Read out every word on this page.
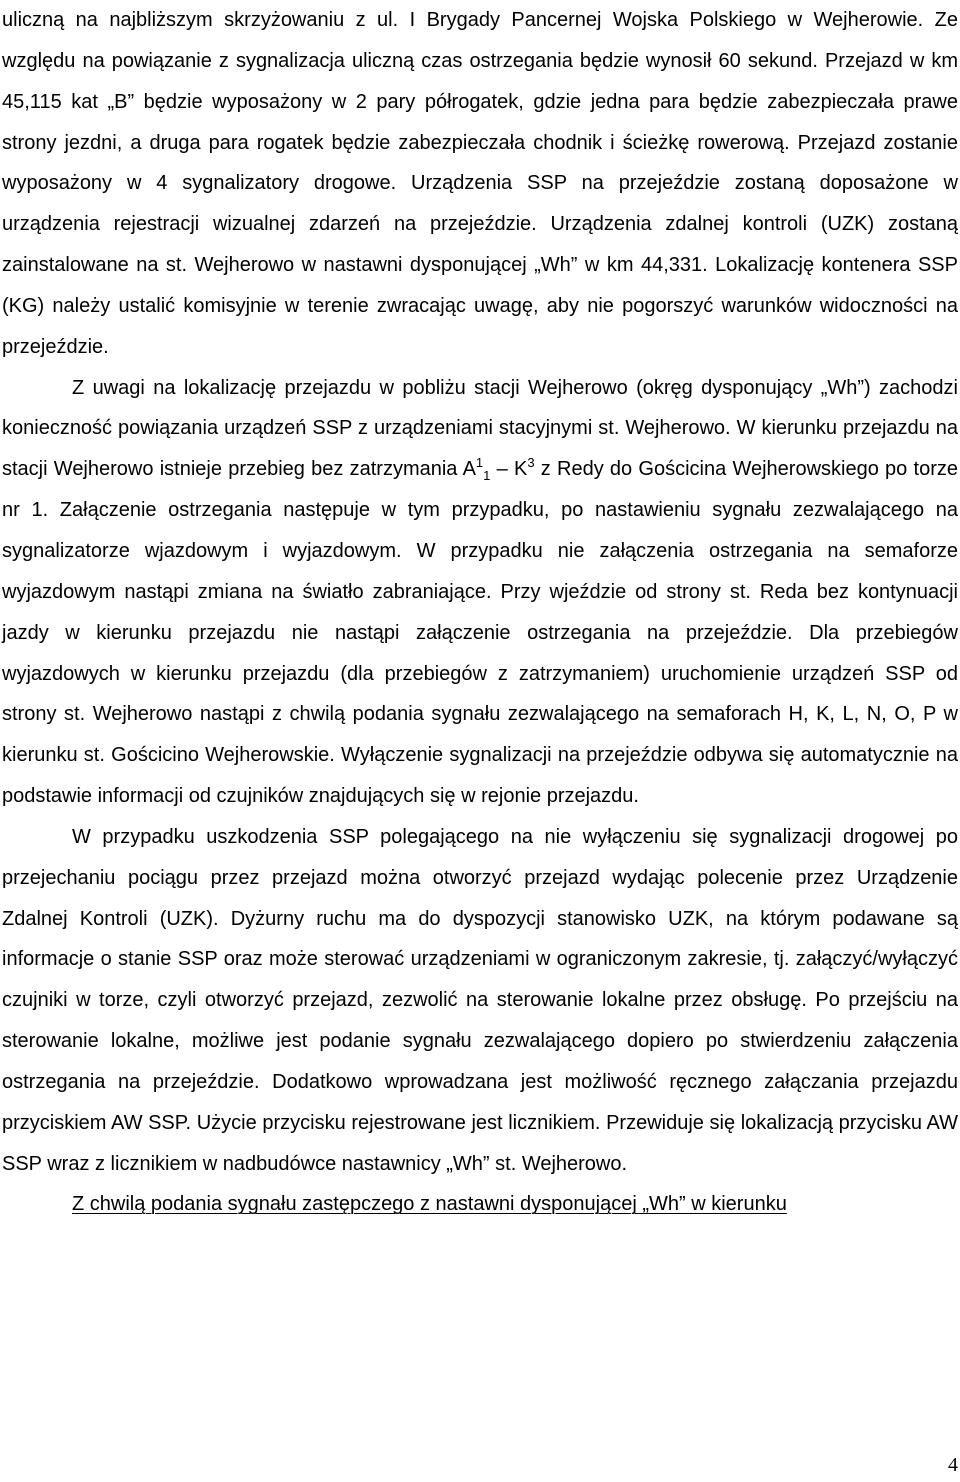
uliczną na najbliższym skrzyżowaniu z ul. I Brygady Pancernej Wojska Polskiego w Wejherowie. Ze względu na powiązanie z sygnalizacja uliczną czas ostrzegania będzie wynosił 60 sekund. Przejazd w km 45,115 kat „B” będzie wyposażony w 2 pary półrogatek, gdzie jedna para będzie zabezpieczała prawe strony jezdni, a druga para rogatek będzie zabezpieczała chodnik i ścieżkę rowerową. Przejazd zostanie wyposażony w 4 sygnalizatory drogowe. Urządzenia SSP na przejeździe zostaną doposażone w urządzenia rejestracji wizualnej zdarzeń na przejeździe. Urządzenia zdalnej kontroli (UZK) zostaną zainstalowane na st. Wejherowo w nastawni dysponującej „Wh” w km 44,331. Lokalizację kontenera SSP (KG) należy ustalić komisyjnie w terenie zwracając uwagę, aby nie pogorszyć warunków widoczności na przejeździe.

Z uwagi na lokalizację przejazdu w pobliżu stacji Wejherowo (okręg dysponujący „Wh”) zachodzi konieczność powiązania urządzeń SSP z urządzeniami stacyjnymi st. Wejherowo. W kierunku przejazdu na stacji Wejherowo istnieje przebieg bez zatrzymania $A^1_1 - K^3$ z Redy do Gościcina Wejherowskiego po torze nr 1. Załączenie ostrzegania następuje w tym przypadku, po nastawieniu sygnału zezwalającego na sygnalizatorze wjazdowym i wyjazdowym. W przypadku nie załączenia ostrzegania na semaforze wyjazdowym nastąpi zmiana na światło zabraniające. Przy wjeździe od strony st. Reda bez kontynuacji jazdy w kierunku przejazdu nie nastąpi załączenie ostrzegania na przejeździe. Dla przebiegów wyjazdowych w kierunku przejazdu (dla przebiegów z zatrzymaniem) uruchomienie urządzeń SSP od strony st. Wejherowo nastąpi z chwilą podania sygnału zezwalającego na semaforach H, K, L, N, O, P w kierunku st. Gościcino Wejherowskie. Wyłączenie sygnalizacji na przejeździe odbywa się automatycznie na podstawie informacji od czujników znajdujących się w rejonie przejazdu.

W przypadku uszkodzenia SSP polegającego na nie wyłączeniu się sygnalizacji drogowej po przejechaniu pociągu przez przejazd można otworzyć przejazd wydając polecenie przez Urządzenie Zdalnej Kontroli (UZK). Dyżurny ruchu ma do dyspozycji stanowisko UZK, na którym podawane są informacje o stanie SSP oraz może sterować urządzeniami w ograniczonym zakresie, tj. załączyć/wyłączyć czujniki w torze, czyli otworzyć przejazd, zezwolić na sterowanie lokalne przez obsługę. Po przejściu na sterowanie lokalne, możliwe jest podanie sygnału zezwalającego dopiero po stwierdzeniu załączenia ostrzegania na przejeździe. Dodatkowo wprowadzana jest możliwość ręcznego załączania przejazdu przyciskiem AW SSP. Użycie przycisku rejestrowane jest licznikiem. Przewiduje się lokalizacją przycisku AW SSP wraz z licznikiem w nadbudówce nastawnicy „Wh” st. Wejherowo.

Z chwilą podania sygnału zastępczego z nastawni dysponującej „Wh” w kierunku

4
